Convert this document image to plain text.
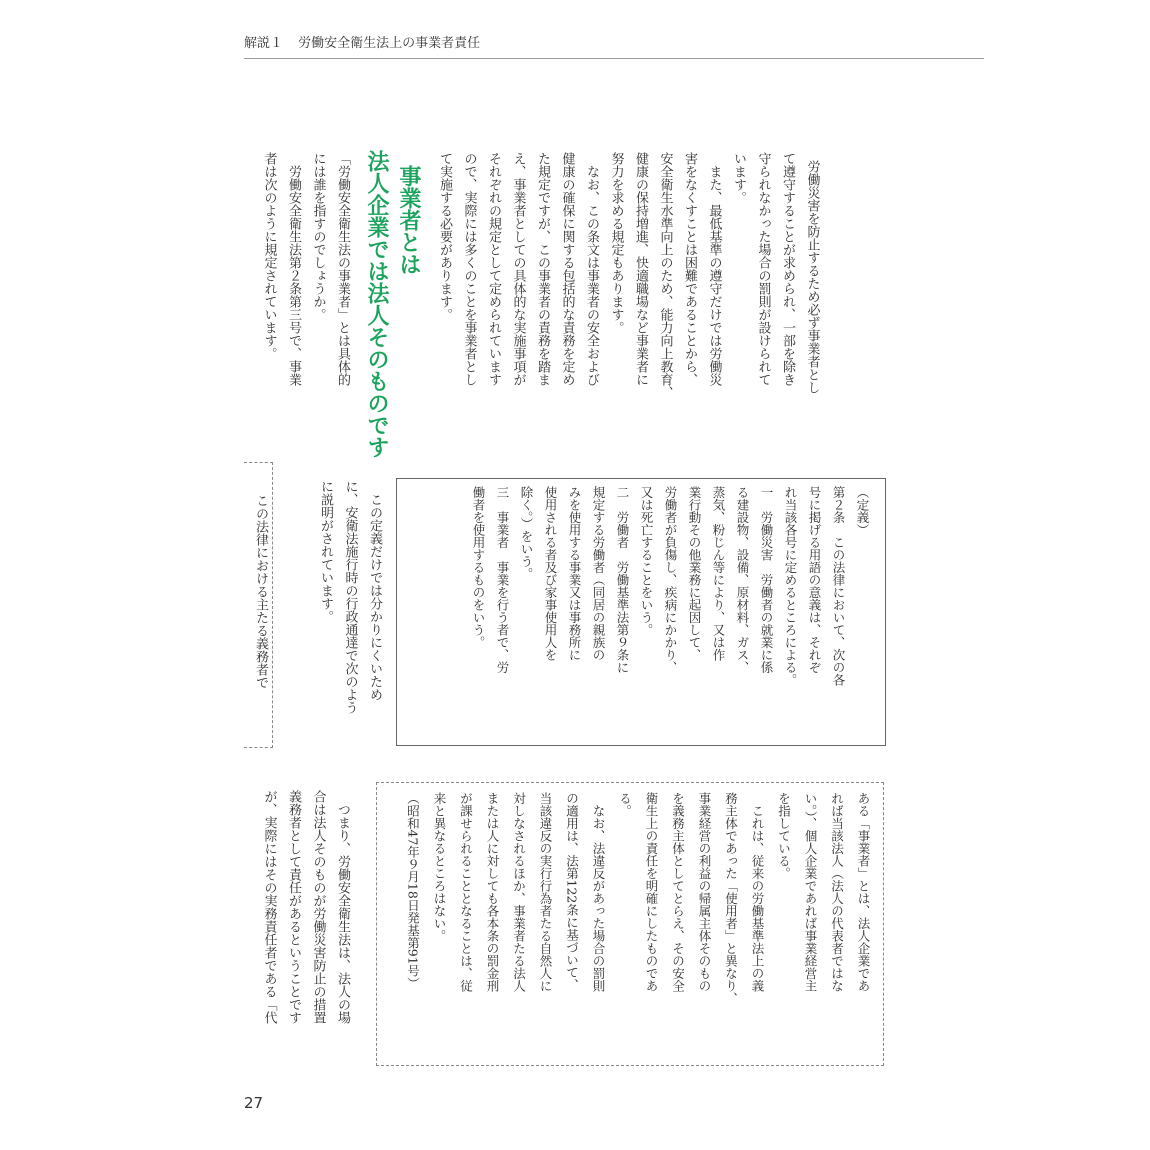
解説１ 労働安全衛生法上の事業者責任

労働災害を防止するため必ず事業者とし
て遵守することが求められ、一部を除き
守られなかった場合の罰則が設けられて
います。
　また、最低基準の遵守だけでは労働災
害をなくすことは困難であることから、
安全衛生水準向上のため、能力向上教育、
健康の保持増進、快適職場など事業者に
努力を求める規定もあります。
　なお、この条文は事業者の安全および
健康の確保に関する包括的な責務を定め
た規定ですが、この事業者の責務を踏ま
え、事業者としての具体的な実施事項が
それぞれの規定として定められています
ので、実際には多くのことを事業者とし
て実施する必要があります。

事業者とは
法人企業では法人そのものです

「労働安全衛生法の事業者」とは具体的
には誰を指すのでしょうか。
　労働安全衛生法第２条第三号で、事業
者は次のように規定されています。
（定義）
第２条　この法律において、次の各
号に掲げる用語の意義は、それぞ
れ当該各号に定めるところによる。
一　労働災害　労働者の就業に係
る建設物、設備、原材料、ガス、
蒸気、粉じん等により、又は作
業行動その他業務に起因して、
労働者が負傷し、疾病にかかり、
又は死亡することをいう。
二　労働者　労働基準法第９条に
規定する労働者（同居の親族の
みを使用する事業又は事務所に
使用される者及び家事使用人を
除く。）をいう。
三　事業者　事業を行う者で、労
働者を使用するものをいう。
　この定義だけでは分かりにくいため
に、安衛法施行時の行政通達で次のよう
に説明がされています。
この法律における主たる義務者で
ある「事業者」とは、法人企業であ
れば当該法人（法人の代表者ではな
い。）、個人企業であれば事業経営主
を指している。
　これは、従来の労働基準法上の義
務主体であった「使用者」と異なり、
事業経営の利益の帰属主体そのもの
を義務主体としてとらえ、その安全
衛生上の責任を明確にしたものであ
る。
　なお、法違反があった場合の罰則
の適用は、法第122条に基づいて、
当該違反の実行行為者たる自然人に
対しなされるほか、事業者たる法人
または人に対しても各本条の罰金刑
が課せられることとなることは、従
来と異なるところはない。
（昭和47年９月18日発基第91号）
　つまり、労働安全衛生法は、法人の場
合は法人そのものが労働災害防止の措置
義務者として責任があるということです
が、実際にはその実務責任者である「代
27
